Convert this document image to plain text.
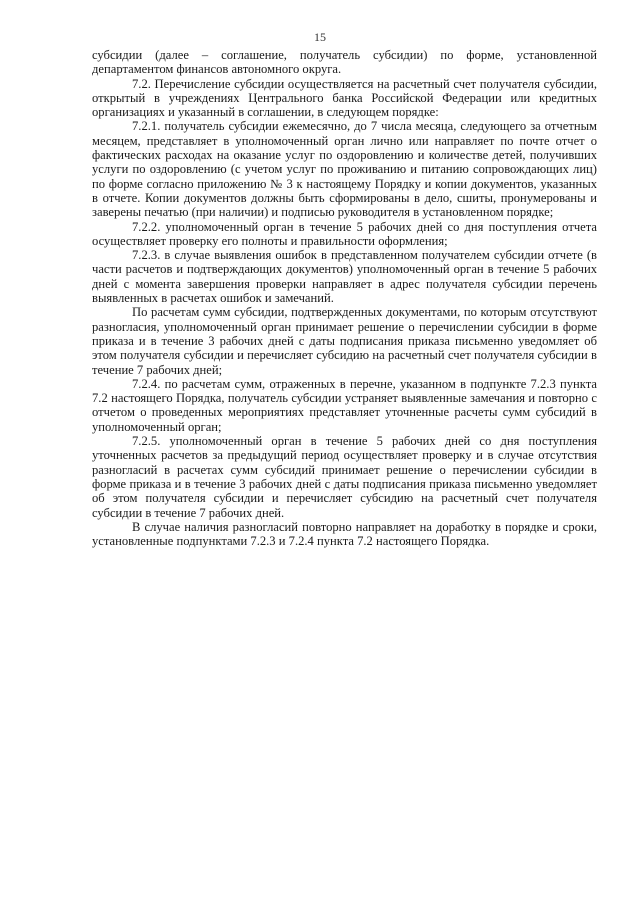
15

субсидии (далее – соглашение, получатель субсидии) по форме, установленной департаментом финансов автономного округа.

7.2. Перечисление субсидии осуществляется на расчетный счет получателя субсидии, открытый в учреждениях Центрального банка Российской Федерации или кредитных организациях и указанный в соглашении, в следующем порядке:

7.2.1. получатель субсидии ежемесячно, до 7 числа месяца, следующего за отчетным месяцем, представляет в уполномоченный орган лично или направляет по почте отчет о фактических расходах на оказание услуг по оздоровлению и количестве детей, получивших услуги по оздоровлению (с учетом услуг по проживанию и питанию сопровождающих лиц) по форме согласно приложению № 3 к настоящему Порядку и копии документов, указанных в отчете. Копии документов должны быть сформированы в дело, сшиты, пронумерованы и заверены печатью (при наличии) и подписью руководителя в установленном порядке;

7.2.2. уполномоченный орган в течение 5 рабочих дней со дня поступления отчета осуществляет проверку его полноты и правильности оформления;

7.2.3. в случае выявления ошибок в представленном получателем субсидии отчете (в части расчетов и подтверждающих документов) уполномоченный орган в течение 5 рабочих дней с момента завершения проверки направляет в адрес получателя субсидии перечень выявленных в расчетах ошибок и замечаний.

По расчетам сумм субсидии, подтвержденных документами, по которым отсутствуют разногласия, уполномоченный орган принимает решение о перечислении субсидии в форме приказа и в течение 3 рабочих дней с даты подписания приказа письменно уведомляет об этом получателя субсидии и перечисляет субсидию на расчетный счет получателя субсидии в течение 7 рабочих дней;

7.2.4. по расчетам сумм, отраженных в перечне, указанном в подпункте 7.2.3 пункта 7.2 настоящего Порядка, получатель субсидии устраняет выявленные замечания и повторно с отчетом о проведенных мероприятиях представляет уточненные расчеты сумм субсидий в уполномоченный орган;

7.2.5. уполномоченный орган в течение 5 рабочих дней со дня поступления уточненных расчетов за предыдущий период осуществляет проверку и в случае отсутствия разногласий в расчетах сумм субсидий принимает решение о перечислении субсидии в форме приказа и в течение 3 рабочих дней с даты подписания приказа письменно уведомляет об этом получателя субсидии и перечисляет субсидию на расчетный счет получателя субсидии в течение 7 рабочих дней.

В случае наличия разногласий повторно направляет на доработку в порядке и сроки, установленные подпунктами 7.2.3 и 7.2.4 пункта 7.2 настоящего Порядка.
